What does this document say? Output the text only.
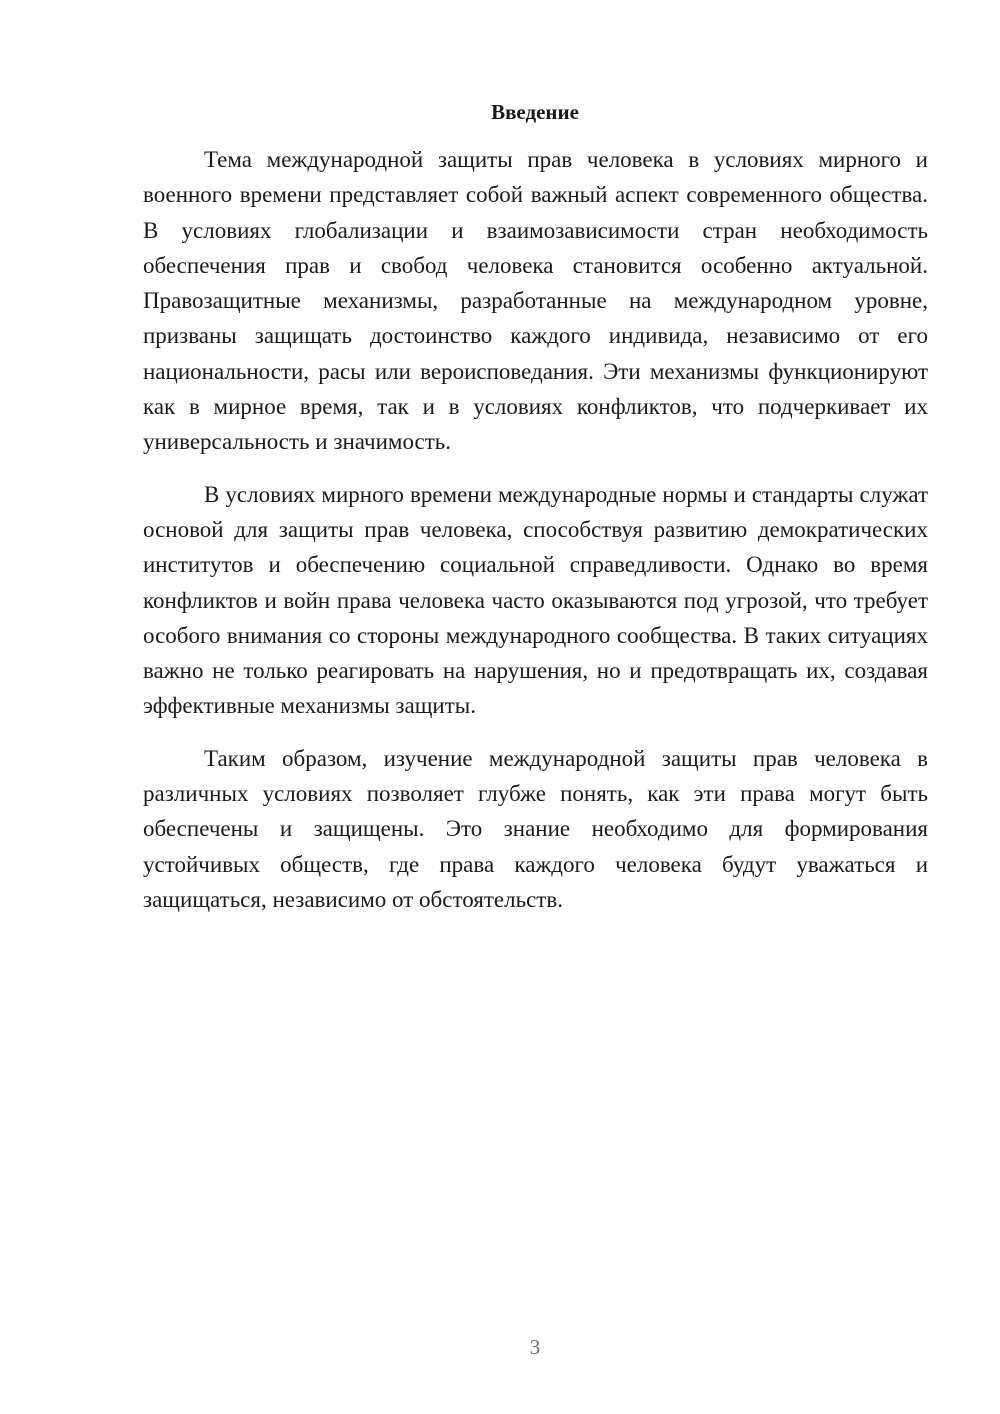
Введение

Тема международной защиты прав человека в условиях мирного и военного времени представляет собой важный аспект современного общества. В условиях глобализации и взаимозависимости стран необходимость обеспечения прав и свобод человека становится особенно актуальной. Правозащитные механизмы, разработанные на международном уровне, призваны защищать достоинство каждого индивида, независимо от его национальности, расы или вероисповедания. Эти механизмы функционируют как в мирное время, так и в условиях конфликтов, что подчеркивает их универсальность и значимость.

В условиях мирного времени международные нормы и стандарты служат основой для защиты прав человека, способствуя развитию демократических институтов и обеспечению социальной справедливости. Однако во время конфликтов и войн права человека часто оказываются под угрозой, что требует особого внимания со стороны международного сообщества. В таких ситуациях важно не только реагировать на нарушения, но и предотвращать их, создавая эффективные механизмы защиты.

Таким образом, изучение международной защиты прав человека в различных условиях позволяет глубже понять, как эти права могут быть обеспечены и защищены. Это знание необходимо для формирования устойчивых обществ, где права каждого человека будут уважаться и защищаться, независимо от обстоятельств.

3
